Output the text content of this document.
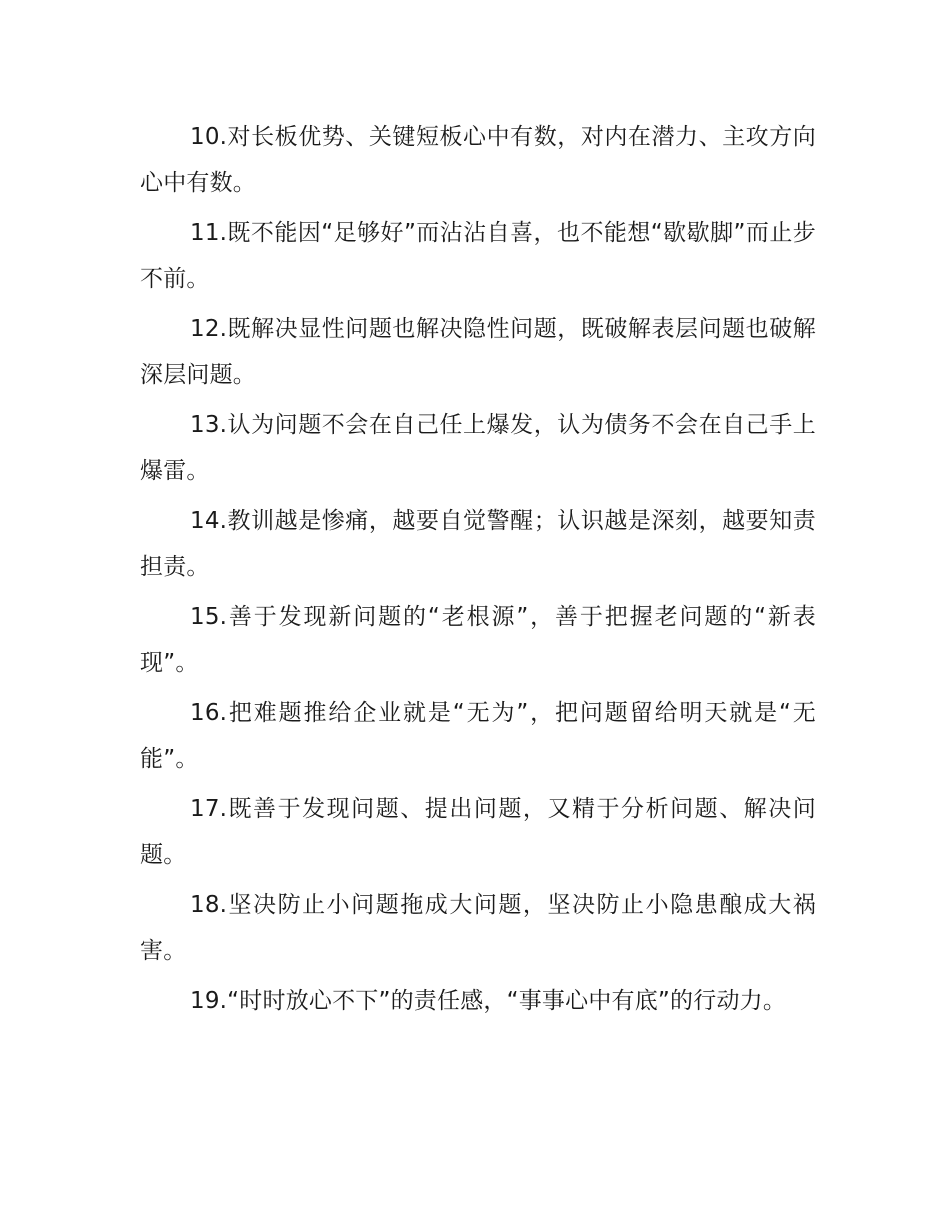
10.对长板优势、关键短板心中有数，对内在潜力、主攻方向心中有数。

11.既不能因“足够好”而沾沾自喜，也不能想“歇歇脚”而止步不前。

12.既解决显性问题也解决隐性问题，既破解表层问题也破解深层问题。

13.认为问题不会在自己任上爆发，认为债务不会在自己手上爆雷。

14.教训越是惨痛，越要自觉警醒；认识越是深刻，越要知责担责。

15.善于发现新问题的“老根源”，善于把握老问题的“新表现”。

16.把难题推给企业就是“无为”，把问题留给明天就是“无能”。

17.既善于发现问题、提出问题，又精于分析问题、解决问题。

18.坚决防止小问题拖成大问题，坚决防止小隐患酿成大祸害。

19.“时时放心不下”的责任感，“事事心中有底”的行动力。
